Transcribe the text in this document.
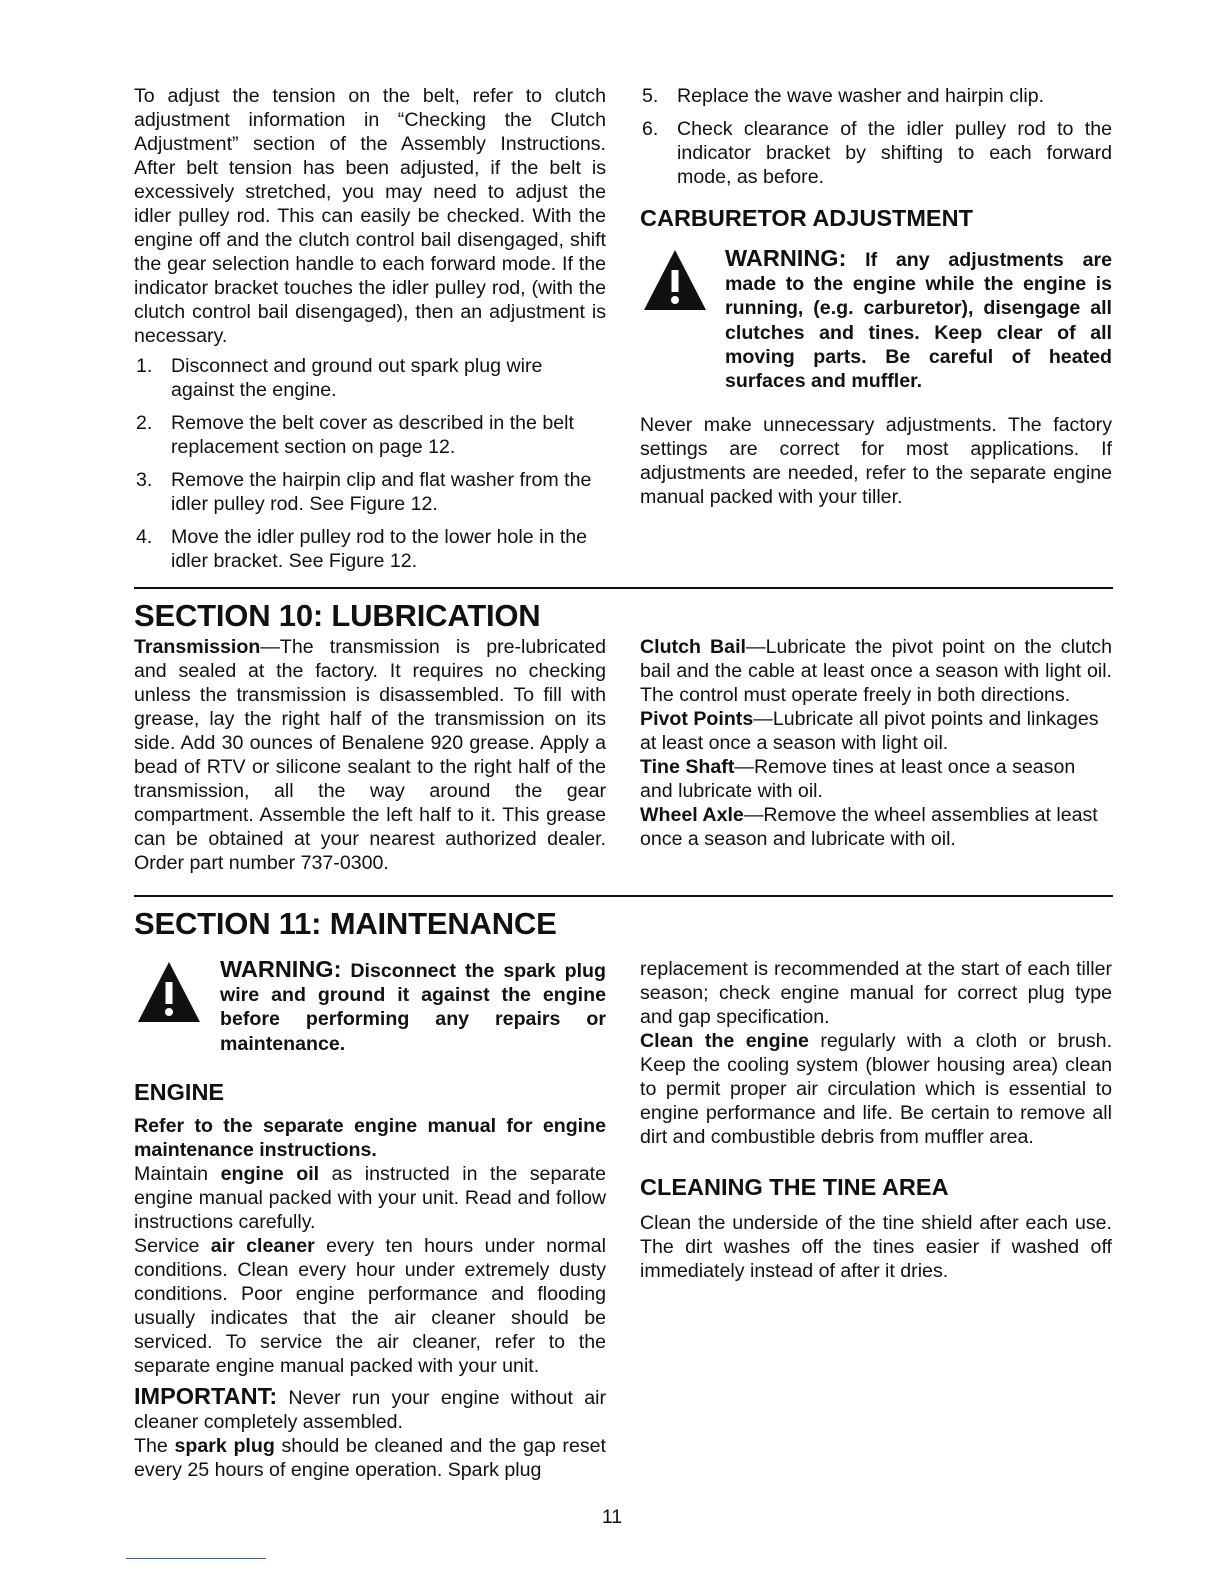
To adjust the tension on the belt, refer to clutch adjustment information in “Checking the Clutch Adjustment” section of the Assembly Instructions. After belt tension has been adjusted, if the belt is excessively stretched, you may need to adjust the idler pulley rod. This can easily be checked. With the engine off and the clutch control bail disengaged, shift the gear selection handle to each forward mode. If the indicator bracket touches the idler pulley rod, (with the clutch control bail disengaged), then an adjustment is necessary.

1. Disconnect and ground out spark plug wire against the engine.
2. Remove the belt cover as described in the belt replacement section on page 12.
3. Remove the hairpin clip and flat washer from the idler pulley rod. See Figure 12.
4. Move the idler pulley rod to the lower hole in the idler bracket. See Figure 12.
5. Replace the wave washer and hairpin clip.
6. Check clearance of the idler pulley rod to the indicator bracket by shifting to each forward mode, as before.
CARBURETOR ADJUSTMENT
WARNING: If any adjustments are made to the engine while the engine is running, (e.g. carburetor), disengage all clutches and tines. Keep clear of all moving parts. Be careful of heated surfaces and muffler.

Never make unnecessary adjustments. The factory settings are correct for most applications. If adjustments are needed, refer to the separate engine manual packed with your tiller.

SECTION 10: LUBRICATION

Transmission—The transmission is pre-lubricated and sealed at the factory. It requires no checking unless the transmission is disassembled. To fill with grease, lay the right half of the transmission on its side. Add 30 ounces of Benalene 920 grease. Apply a bead of RTV or silicone sealant to the right half of the transmission, all the way around the gear compartment. Assemble the left half to it. This grease can be obtained at your nearest authorized dealer. Order part number 737-0300.

Clutch Bail—Lubricate the pivot point on the clutch bail and the cable at least once a season with light oil. The control must operate freely in both directions.

Pivot Points—Lubricate all pivot points and linkages at least once a season with light oil.

Tine Shaft—Remove tines at least once a season and lubricate with oil.

Wheel Axle—Remove the wheel assemblies at least once a season and lubricate with oil.

SECTION 11: MAINTENANCE
WARNING: Disconnect the spark plug wire and ground it against the engine before performing any repairs or maintenance.
ENGINE

Refer to the separate engine manual for engine maintenance instructions.

Maintain engine oil as instructed in the separate engine manual packed with your unit. Read and follow instructions carefully.

Service air cleaner every ten hours under normal conditions. Clean every hour under extremely dusty conditions. Poor engine performance and flooding usually indicates that the air cleaner should be serviced. To service the air cleaner, refer to the separate engine manual packed with your unit.

IMPORTANT: Never run your engine without air cleaner completely assembled.

The spark plug should be cleaned and the gap reset every 25 hours of engine operation. Spark plug

replacement is recommended at the start of each tiller season; check engine manual for correct plug type and gap specification.

Clean the engine regularly with a cloth or brush. Keep the cooling system (blower housing area) clean to permit proper air circulation which is essential to engine performance and life. Be certain to remove all dirt and combustible debris from muffler area.

CLEANING THE TINE AREA

Clean the underside of the tine shield after each use. The dirt washes off the tines easier if washed off immediately instead of after it dries.

11
